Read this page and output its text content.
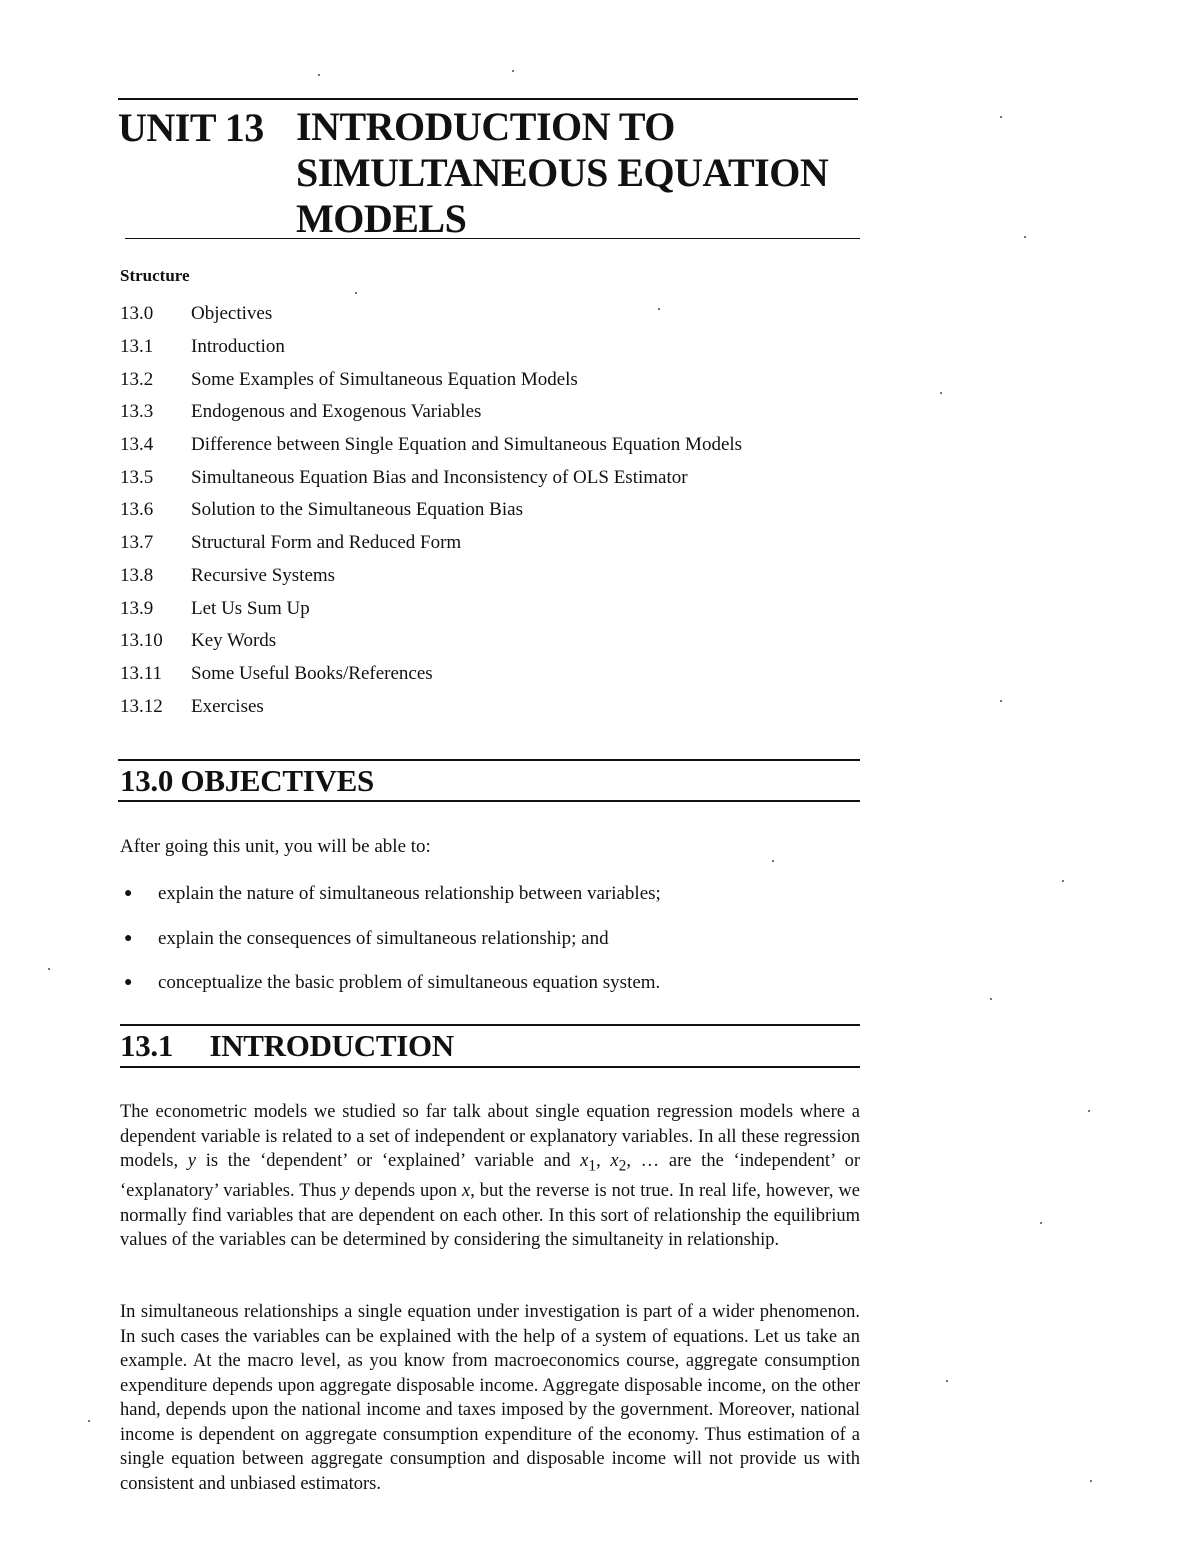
UNIT 13 INTRODUCTION TO
SIMULTANEOUS EQUATION
MODELS
Structure
13.0	Objectives
13.1	Introduction
13.2	Some Examples of Simultaneous Equation Models
13.3	Endogenous and Exogenous Variables
13.4	Difference between Single Equation and Simultaneous Equation Models
13.5	Simultaneous Equation Bias and Inconsistency of OLS Estimator
13.6	Solution to the Simultaneous Equation Bias
13.7	Structural Form and Reduced Form
13.8	Recursive Systems
13.9	Let Us Sum Up
13.10	Key Words
13.11	Some Useful Books/References
13.12	Exercises
13.0 OBJECTIVES
After going this unit, you will be able to:
●	explain the nature of simultaneous relationship between variables;
●	explain the consequences of simultaneous relationship; and
●	conceptualize the basic problem of simultaneous equation system.
13.1 INTRODUCTION
The econometric models we studied so far talk about single equation regression models where a dependent variable is related to a set of independent or explanatory variables. In all these regression models, y is the ‘dependent’ or ‘explained’ variable and $x_1$, $x_2$, … are the ‘independent’ or ‘explanatory’ variables. Thus y depends upon x, but the reverse is not true. In real life, however, we normally find variables that are dependent on each other. In this sort of relationship the equilibrium values of the variables can be determined by considering the simultaneity in relationship.
In simultaneous relationships a single equation under investigation is part of a wider phenomenon. In such cases the variables can be explained with the help of a system of equations. Let us take an example. At the macro level, as you know from macroeconomics course, aggregate consumption expenditure depends upon aggregate disposable income. Aggregate disposable income, on the other hand, depends upon the national income and taxes imposed by the government. Moreover, national income is dependent on aggregate consumption expenditure of the economy. Thus estimation of a single equation between aggregate consumption and disposable income will not provide us with consistent and unbiased estimators.
